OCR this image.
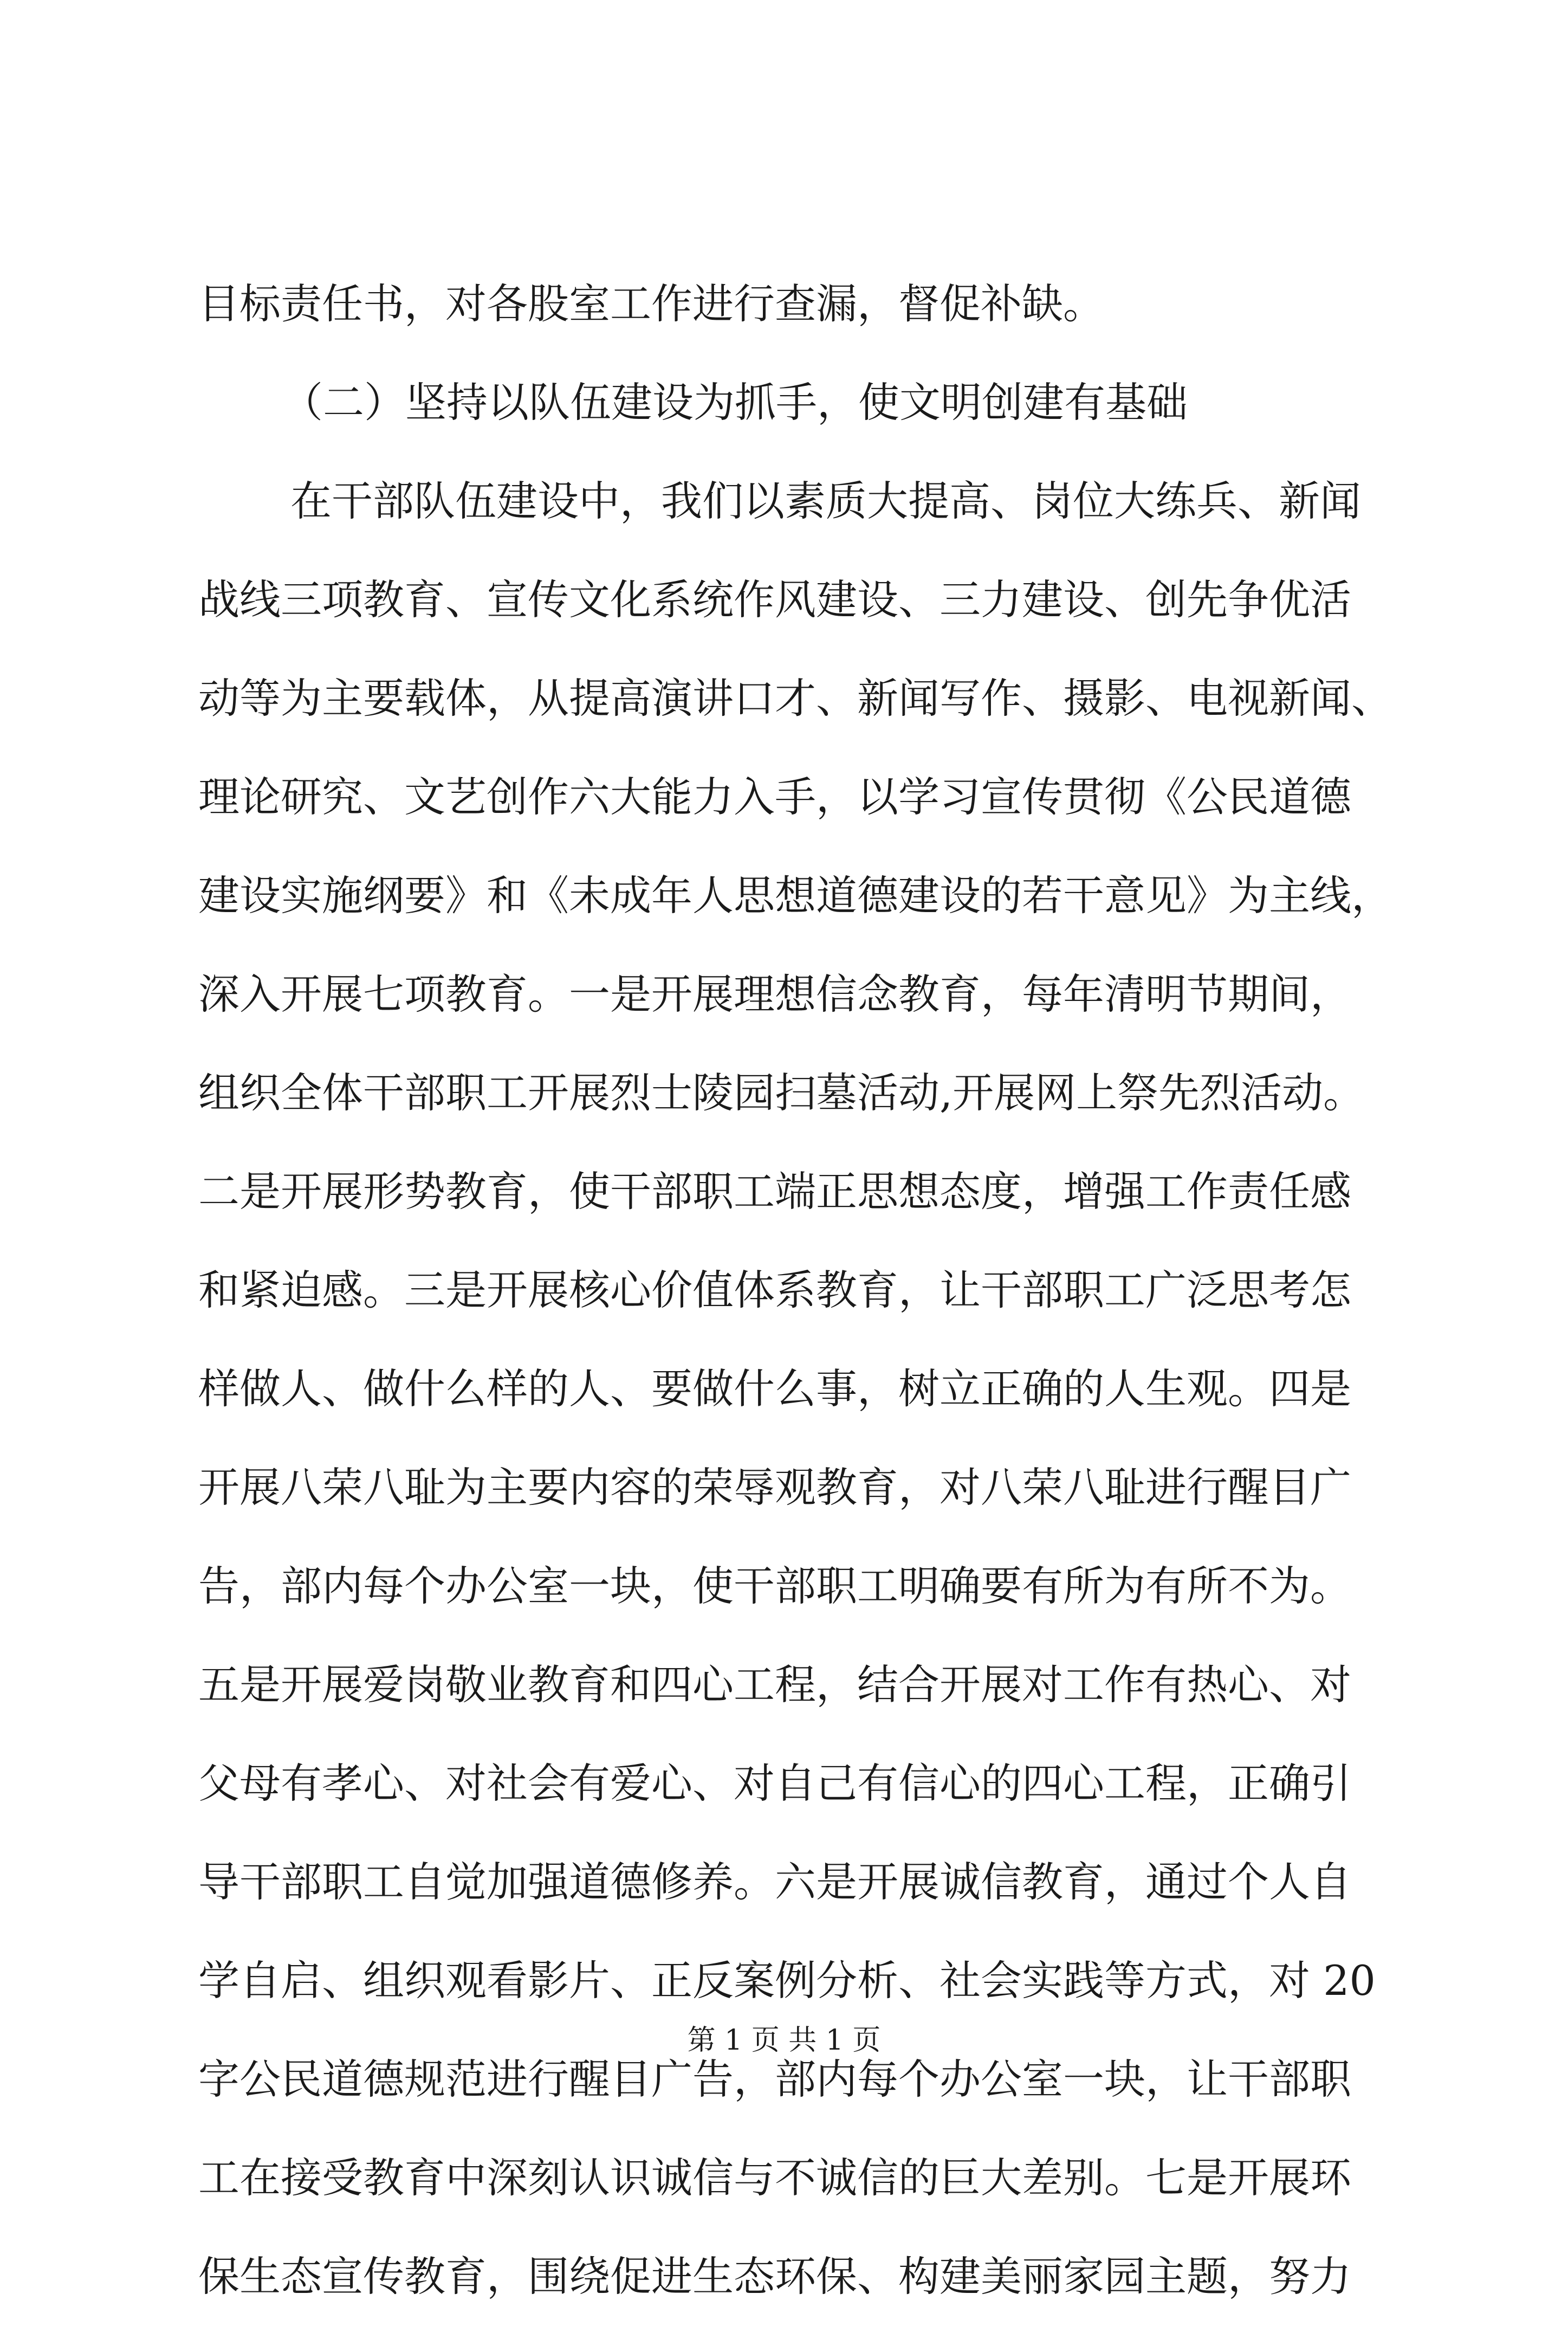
目标责任书，对各股室工作进行查漏，督促补缺。
（二）坚持以队伍建设为抓手，使文明创建有基础
在干部队伍建设中，我们以素质大提高、岗位大练兵、新闻
战线三项教育、宣传文化系统作风建设、三力建设、创先争优活
动等为主要载体，从提高演讲口才、新闻写作、摄影、电视新闻、
理论研究、文艺创作六大能力入手，以学习宣传贯彻《公民道德
建设实施纲要》和《未成年人思想道德建设的若干意见》为主线，
深入开展七项教育。一是开展理想信念教育，每年清明节期间，
组织全体干部职工开展烈士陵园扫墓活动,开展网上祭先烈活动。
二是开展形势教育，使干部职工端正思想态度，增强工作责任感
和紧迫感。三是开展核心价值体系教育，让干部职工广泛思考怎
样做人、做什么样的人、要做什么事，树立正确的人生观。四是
开展八荣八耻为主要内容的荣辱观教育，对八荣八耻进行醒目广
告，部内每个办公室一块，使干部职工明确要有所为有所不为。
五是开展爱岗敬业教育和四心工程，结合开展对工作有热心、对
父母有孝心、对社会有爱心、对自己有信心的四心工程，正确引
导干部职工自觉加强道德修养。六是开展诚信教育，通过个人自
学自启、组织观看影片、正反案例分析、社会实践等方式，对 20
字公民道德规范进行醒目广告，部内每个办公室一块，让干部职
工在接受教育中深刻认识诚信与不诚信的巨大差别。七是开展环
保生态宣传教育，围绕促进生态环保、构建美丽家园主题，努力
第 1 页 共 1 页
